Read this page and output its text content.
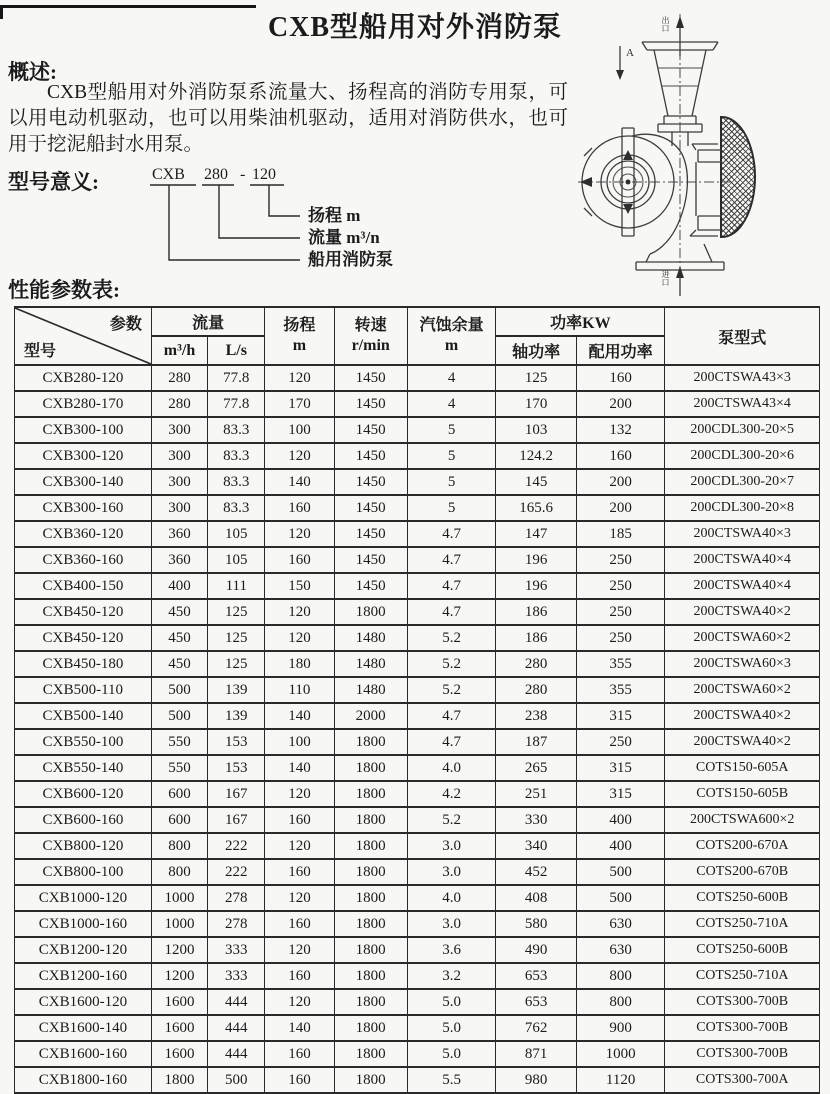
CXB型船用对外消防泵
概述:
CXB型船用对外消防泵系流量大、扬程高的消防专用泵，可以用电动机驱动，也可以用柴油机驱动，适用对消防供水，也可用于挖泥船封水用泵。
型号意义:	CXB 280 - 120
扬程 m
流量 m³/n
船用消防泵
性能参数表:
A
出口
进口
参数
型号
	流量	扬程
m

转速
r/min

汽蚀余量
m
	功率KW	泵型式
	m³/h	L/s				轴功率	配用功率	
CXB280-120	280	77.8	120	1450	4	125	160	200CTSWA43×3
CXB280-170	280	77.8	170	1450	4	170	200	200CTSWA43×4
CXB300-100	300	83.3	100	1450	5	103	132	200CDL300-20×5
CXB300-120	300	83.3	120	1450	5	124.2	160	200CDL300-20×6
CXB300-140	300	83.3	140	1450	5	145	200	200CDL300-20×7
CXB300-160	300	83.3	160	1450	5	165.6	200	200CDL300-20×8
CXB360-120	360	105	120	1450	4.7	147	185	200CTSWA40×3
CXB360-160	360	105	160	1450	4.7	196	250	200CTSWA40×4
CXB400-150	400	111	150	1450	4.7	196	250	200CTSWA40×4
CXB450-120	450	125	120	1800	4.7	186	250	200CTSWA40×2
CXB450-120	450	125	120	1480	5.2	186	250	200CTSWA60×2
CXB450-180	450	125	180	1480	5.2	280	355	200CTSWA60×3
CXB500-110	500	139	110	1480	5.2	280	355	200CTSWA60×2
CXB500-140	500	139	140	2000	4.7	238	315	200CTSWA40×2
CXB550-100	550	153	100	1800	4.7	187	250	200CTSWA40×2
CXB550-140	550	153	140	1800	4.0	265	315	COTS150-605A
CXB600-120	600	167	120	1800	4.2	251	315	COTS150-605B
CXB600-160	600	167	160	1800	5.2	330	400	200CTSWA600×2
CXB800-120	800	222	120	1800	3.0	340	400	COTS200-670A
CXB800-100	800	222	160	1800	3.0	452	500	COTS200-670B
CXB1000-120	1000	278	120	1800	4.0	408	500	COTS250-600B
CXB1000-160	1000	278	160	1800	3.0	580	630	COTS250-710A
CXB1200-120	1200	333	120	1800	3.6	490	630	COTS250-600B
CXB1200-160	1200	333	160	1800	3.2	653	800	COTS250-710A
CXB1600-120	1600	444	120	1800	5.0	653	800	COTS300-700B
CXB1600-140	1600	444	140	1800	5.0	762	900	COTS300-700B
CXB1600-160	1600	444	160	1800	5.0	871	1000	COTS300-700B
CXB1800-160	1800	500	160	1800	5.5	980	1120	COTS300-700A
